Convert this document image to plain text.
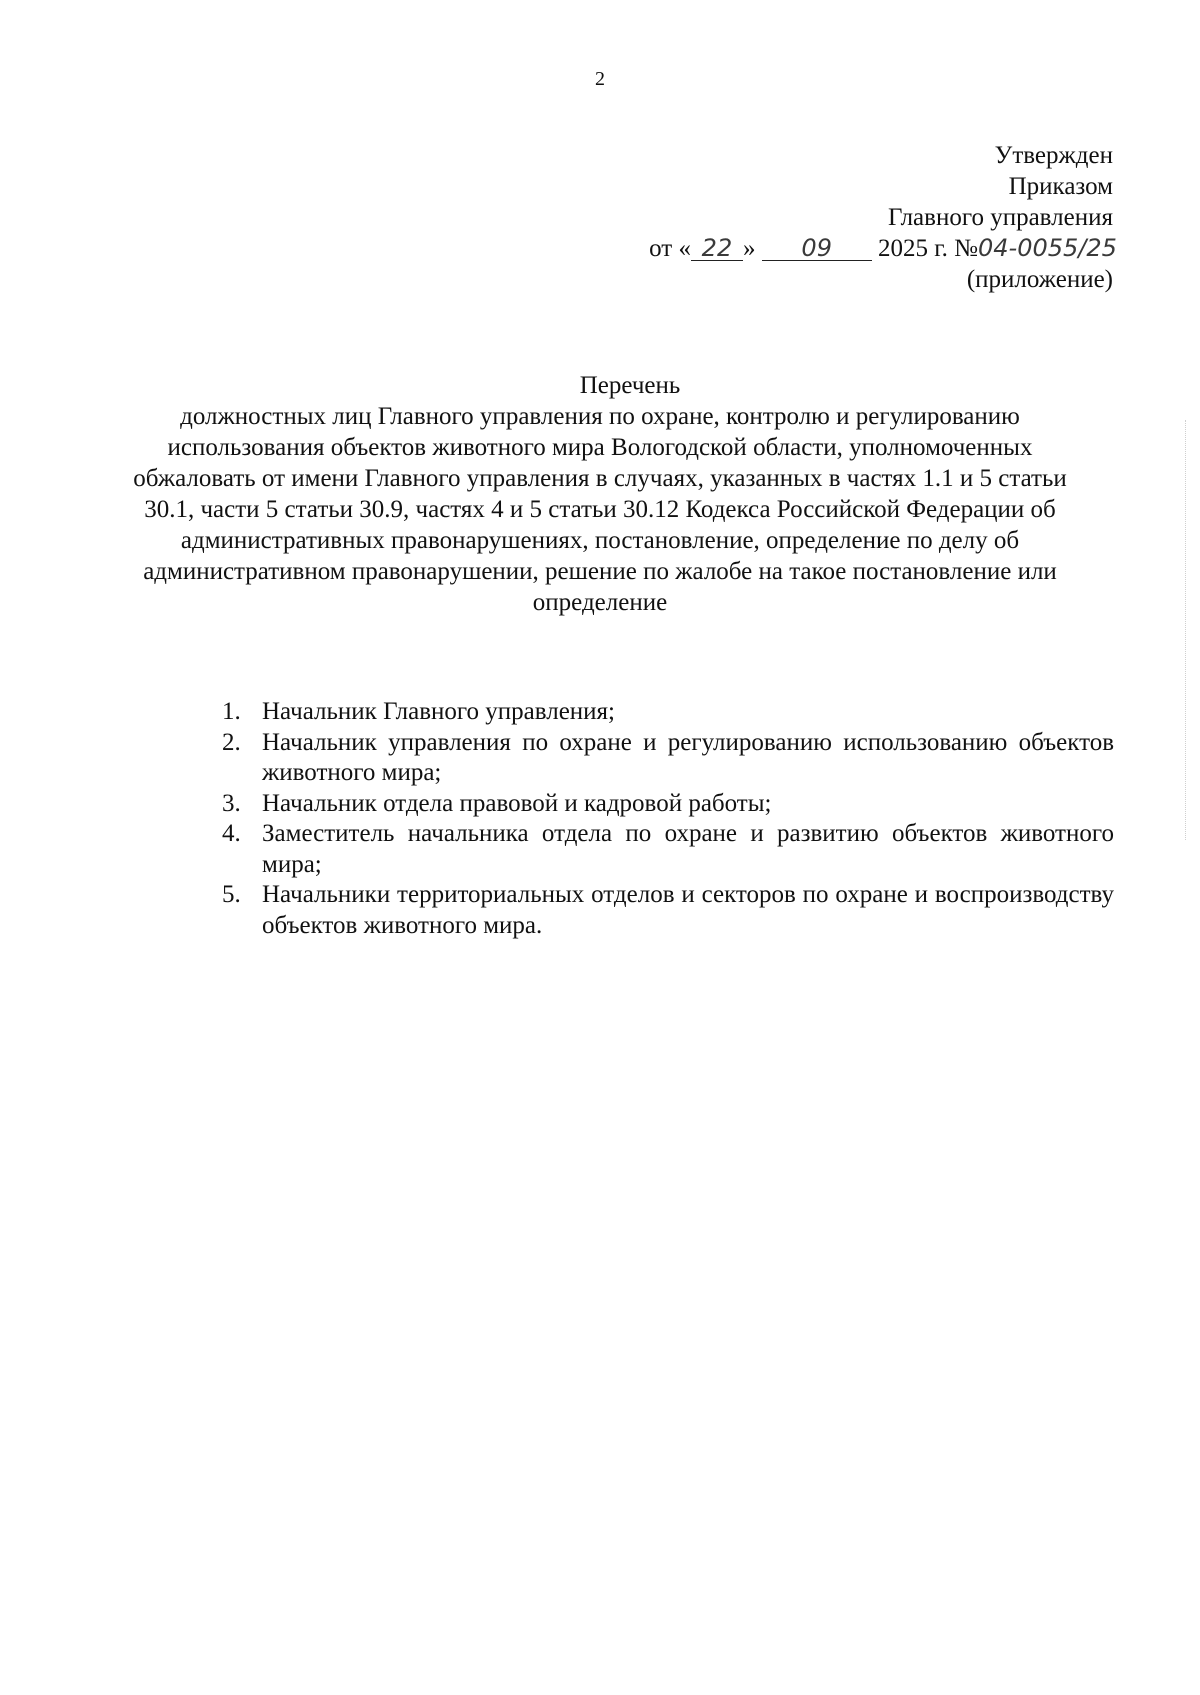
2
Утвержден
Приказом
Главного управления
от « 22 » 09 2025 г. №04-0055/25
(приложение)
Перечень
должностных лиц Главного управления по охране, контролю и регулированию использования объектов животного мира Вологодской области, уполномоченных обжаловать от имени Главного управления в случаях, указанных в частях 1.1 и 5 статьи 30.1, части 5 статьи 30.9, частях 4 и 5 статьи 30.12 Кодекса Российской Федерации об административных правонарушениях, постановление, определение по делу об административном правонарушении, решение по жалобе на такое постановление или определение
1. Начальник Главного управления;
2. Начальник управления по охране и регулированию использованию объектов животного мира;
3. Начальник отдела правовой и кадровой работы;
4. Заместитель начальника отдела по охране и развитию объектов животного мира;
5. Начальники территориальных отделов и секторов по охране и воспроизводству объектов животного мира.
